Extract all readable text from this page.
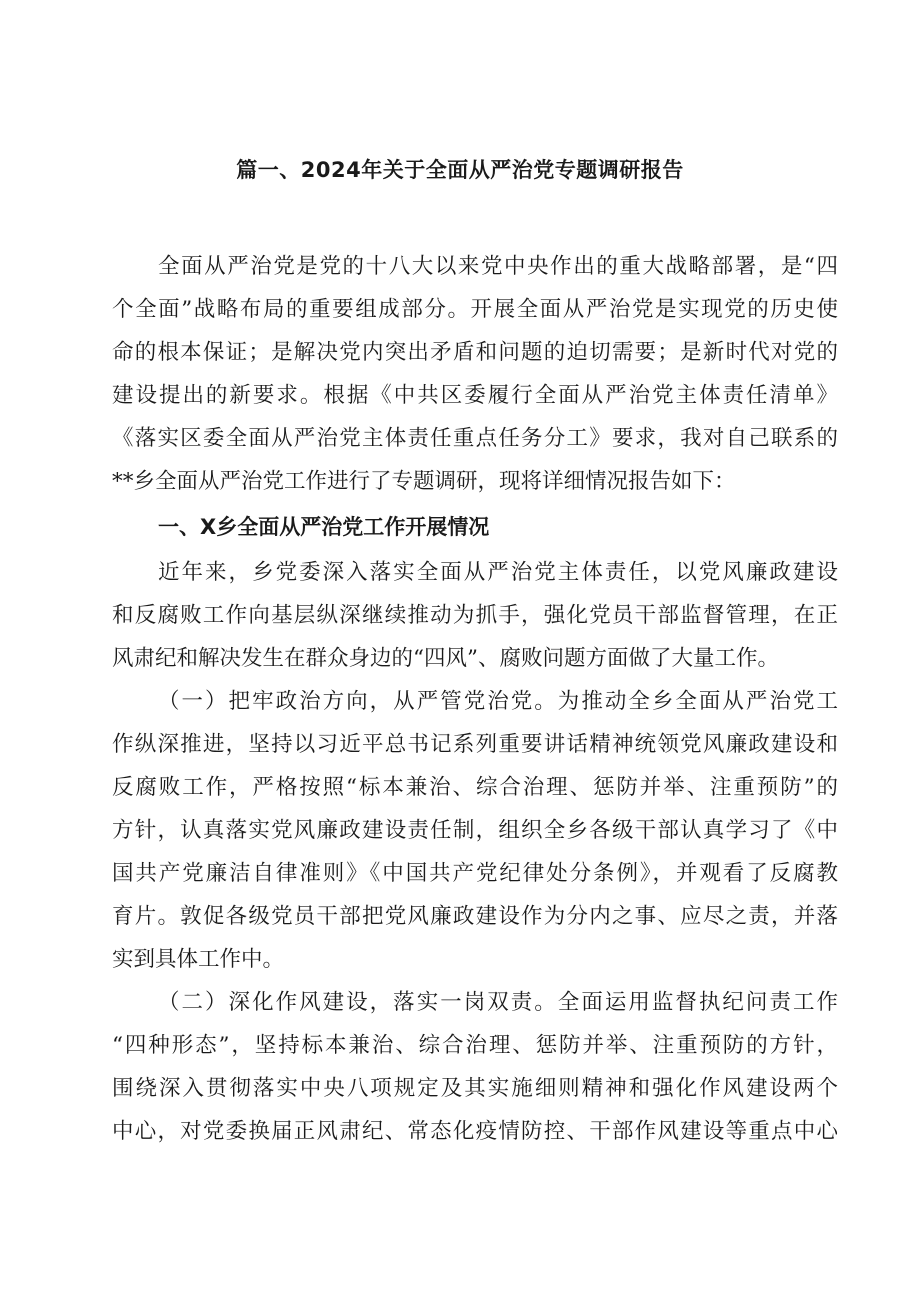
篇一、2024年关于全面从严治党专题调研报告
全面从严治党是党的十八大以来党中央作出的重大战略部署，是“四
个全面”战略布局的重要组成部分。开展全面从严治党是实现党的历史使
命的根本保证；是解决党内突出矛盾和问题的迫切需要；是新时代对党的
建设提出的新要求。根据《中共区委履行全面从严治党主体责任清单》
《落实区委全面从严治党主体责任重点任务分工》要求，我对自己联系的
**乡全面从严治党工作进行了专题调研，现将详细情况报告如下：
一、X乡全面从严治党工作开展情况
近年来，乡党委深入落实全面从严治党主体责任，以党风廉政建设
和反腐败工作向基层纵深继续推动为抓手，强化党员干部监督管理，在正
风肃纪和解决发生在群众身边的“四风”、腐败问题方面做了大量工作。
（一）把牢政治方向，从严管党治党。为推动全乡全面从严治党工
作纵深推进，坚持以习近平总书记系列重要讲话精神统领党风廉政建设和
反腐败工作，严格按照“标本兼治、综合治理、惩防并举、注重预防”的
方针，认真落实党风廉政建设责任制，组织全乡各级干部认真学习了《中
国共产党廉洁自律准则》《中国共产党纪律处分条例》，并观看了反腐教
育片。敦促各级党员干部把党风廉政建设作为分内之事、应尽之责，并落
实到具体工作中。
（二）深化作风建设，落实一岗双责。全面运用监督执纪问责工作
“四种形态”，坚持标本兼治、综合治理、惩防并举、注重预防的方针，
围绕深入贯彻落实中央八项规定及其实施细则精神和强化作风建设两个
中心，对党委换届正风肃纪、常态化疫情防控、干部作风建设等重点中心
